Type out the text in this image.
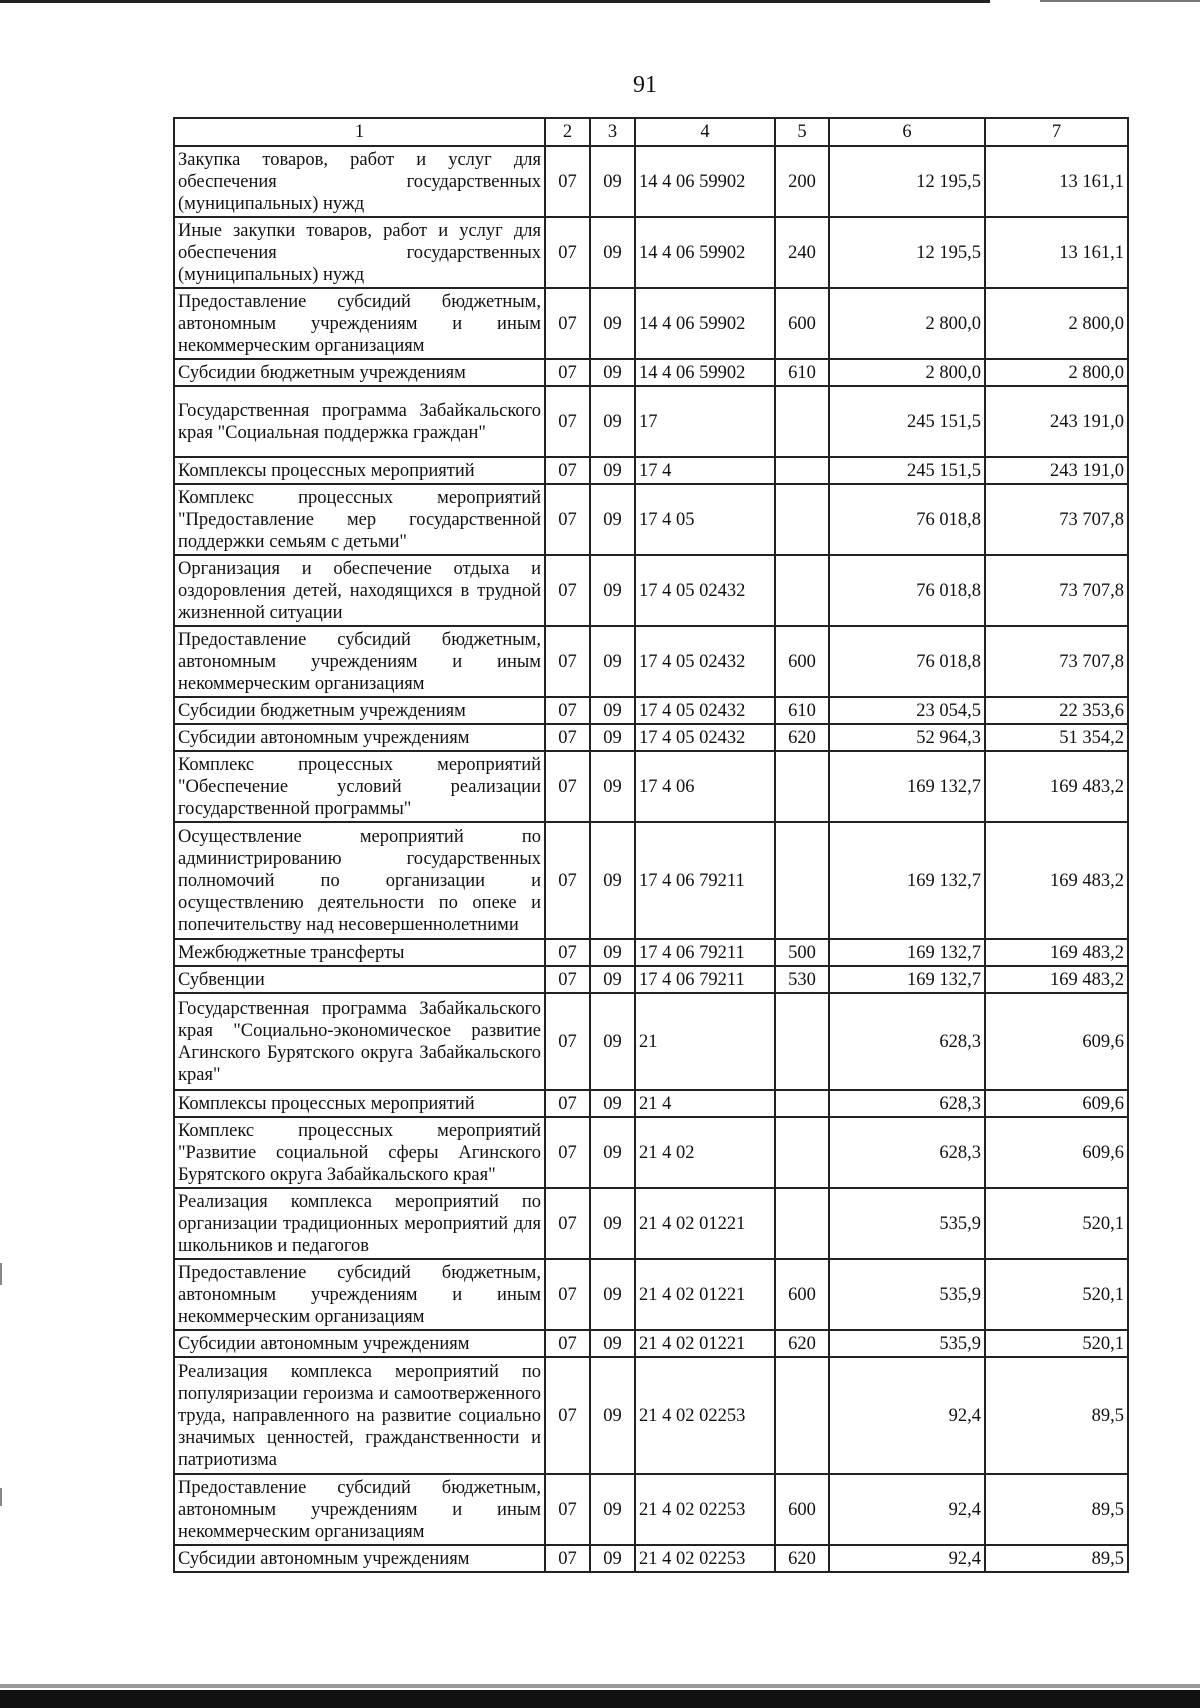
91
1	2	3	4	5	6	7
Закупка товаров, работ и услуг для обеспечения государственных (муниципальных) нужд	07	09	14 4 06 59902	200	12 195,5	13 161,1
Иные закупки товаров, работ и услуг для обеспечения государственных (муниципальных) нужд	07	09	14 4 06 59902	240	12 195,5	13 161,1
Предоставление субсидий бюджетным, автономным учреждениям и иным некоммерческим организациям	07	09	14 4 06 59902	600	2 800,0	2 800,0
Субсидии бюджетным учреждениям	07	09	14 4 06 59902	610	2 800,0	2 800,0
Государственная программа Забайкальского края "Социальная поддержка граждан"	07	09	17		245 151,5	243 191,0
Комплексы процессных мероприятий	07	09	17 4		245 151,5	243 191,0
Комплекс процессных мероприятий "Предоставление мер государственной поддержки семьям с детьми"	07	09	17 4 05		76 018,8	73 707,8
Организация и обеспечение отдыха и оздоровления детей, находящихся в трудной жизненной ситуации	07	09	17 4 05 02432		76 018,8	73 707,8
Предоставление субсидий бюджетным, автономным учреждениям и иным некоммерческим организациям	07	09	17 4 05 02432	600	76 018,8	73 707,8
Субсидии бюджетным учреждениям	07	09	17 4 05 02432	610	23 054,5	22 353,6
Субсидии автономным учреждениям	07	09	17 4 05 02432	620	52 964,3	51 354,2
Комплекс процессных мероприятий "Обеспечение условий реализации государственной программы"	07	09	17 4 06		169 132,7	169 483,2
Осуществление мероприятий по администрированию государственных полномочий по организации и осуществлению деятельности по опеке и попечительству над несовершеннолетними	07	09	17 4 06 79211		169 132,7	169 483,2
Межбюджетные трансферты	07	09	17 4 06 79211	500	169 132,7	169 483,2
Субвенции	07	09	17 4 06 79211	530	169 132,7	169 483,2
Государственная программа Забайкальского края "Социально-экономическое развитие Агинского Бурятского округа Забайкальского края"	07	09	21		628,3	609,6
Комплексы процессных мероприятий	07	09	21 4		628,3	609,6
Комплекс процессных мероприятий "Развитие социальной сферы Агинского Бурятского округа Забайкальского края"	07	09	21 4 02		628,3	609,6
Реализация комплекса мероприятий по организации традиционных мероприятий для школьников и педагогов	07	09	21 4 02 01221		535,9	520,1
Предоставление субсидий бюджетным, автономным учреждениям и иным некоммерческим организациям	07	09	21 4 02 01221	600	535,9	520,1
Субсидии автономным учреждениям	07	09	21 4 02 01221	620	535,9	520,1
Реализация комплекса мероприятий по популяризации героизма и самоотверженного труда, направленного на развитие социально значимых ценностей, гражданственности и патриотизма	07	09	21 4 02 02253		92,4	89,5
Предоставление субсидий бюджетным, автономным учреждениям и иным некоммерческим организациям	07	09	21 4 02 02253	600	92,4	89,5
Субсидии автономным учреждениям	07	09	21 4 02 02253	620	92,4	89,5
